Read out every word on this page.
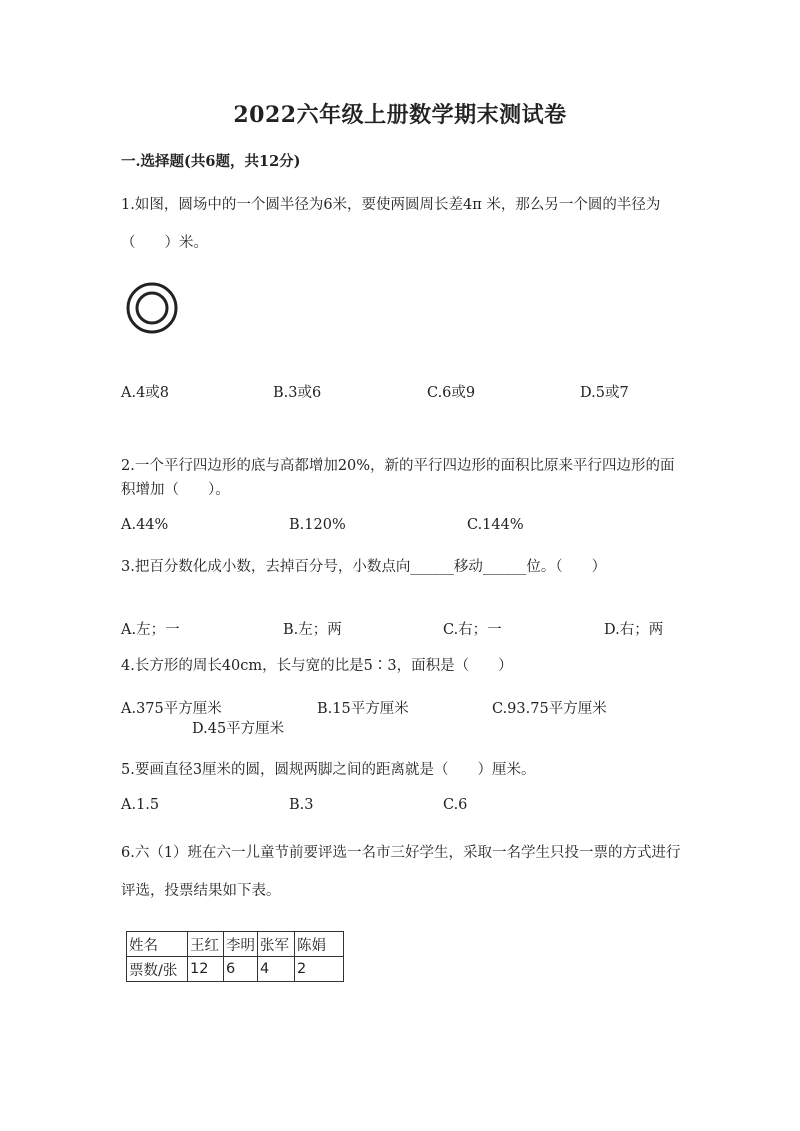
2022六年级上册数学期末测试卷
一.选择题(共6题，共12分)
1.如图，圆场中的一个圆半径为6米，要使两圆周长差4π 米，那么另一个圆的半径为（　　）米。
A.4或8	B.3或6	C.6或9	D.5或7
2.一个平行四边形的底与高都增加20%，新的平行四边形的面积比原来平行四边形的面积增加（　　）。
A.44%	B.120%	C.144%
3.把百分数化成小数，去掉百分号，小数点向______移动______位。（　　）
A.左；一	B.左；两	C.右；一	D.右；两
4.长方形的周长40cm，长与宽的比是5∶3，面积是（　　）
A.375平方厘米	B.15平方厘米	C.93.75平方厘米
D.45平方厘米
5.要画直径3厘米的圆，圆规两脚之间的距离就是（　　）厘米。
A.1.5	B.3	C.6
6.六（1）班在六一儿童节前要评选一名市三好学生，采取一名学生只投一票的方式进行评选，投票结果如下表。
姓名	王红	李明	张军	陈娟
票数/张	12	6	4	2
